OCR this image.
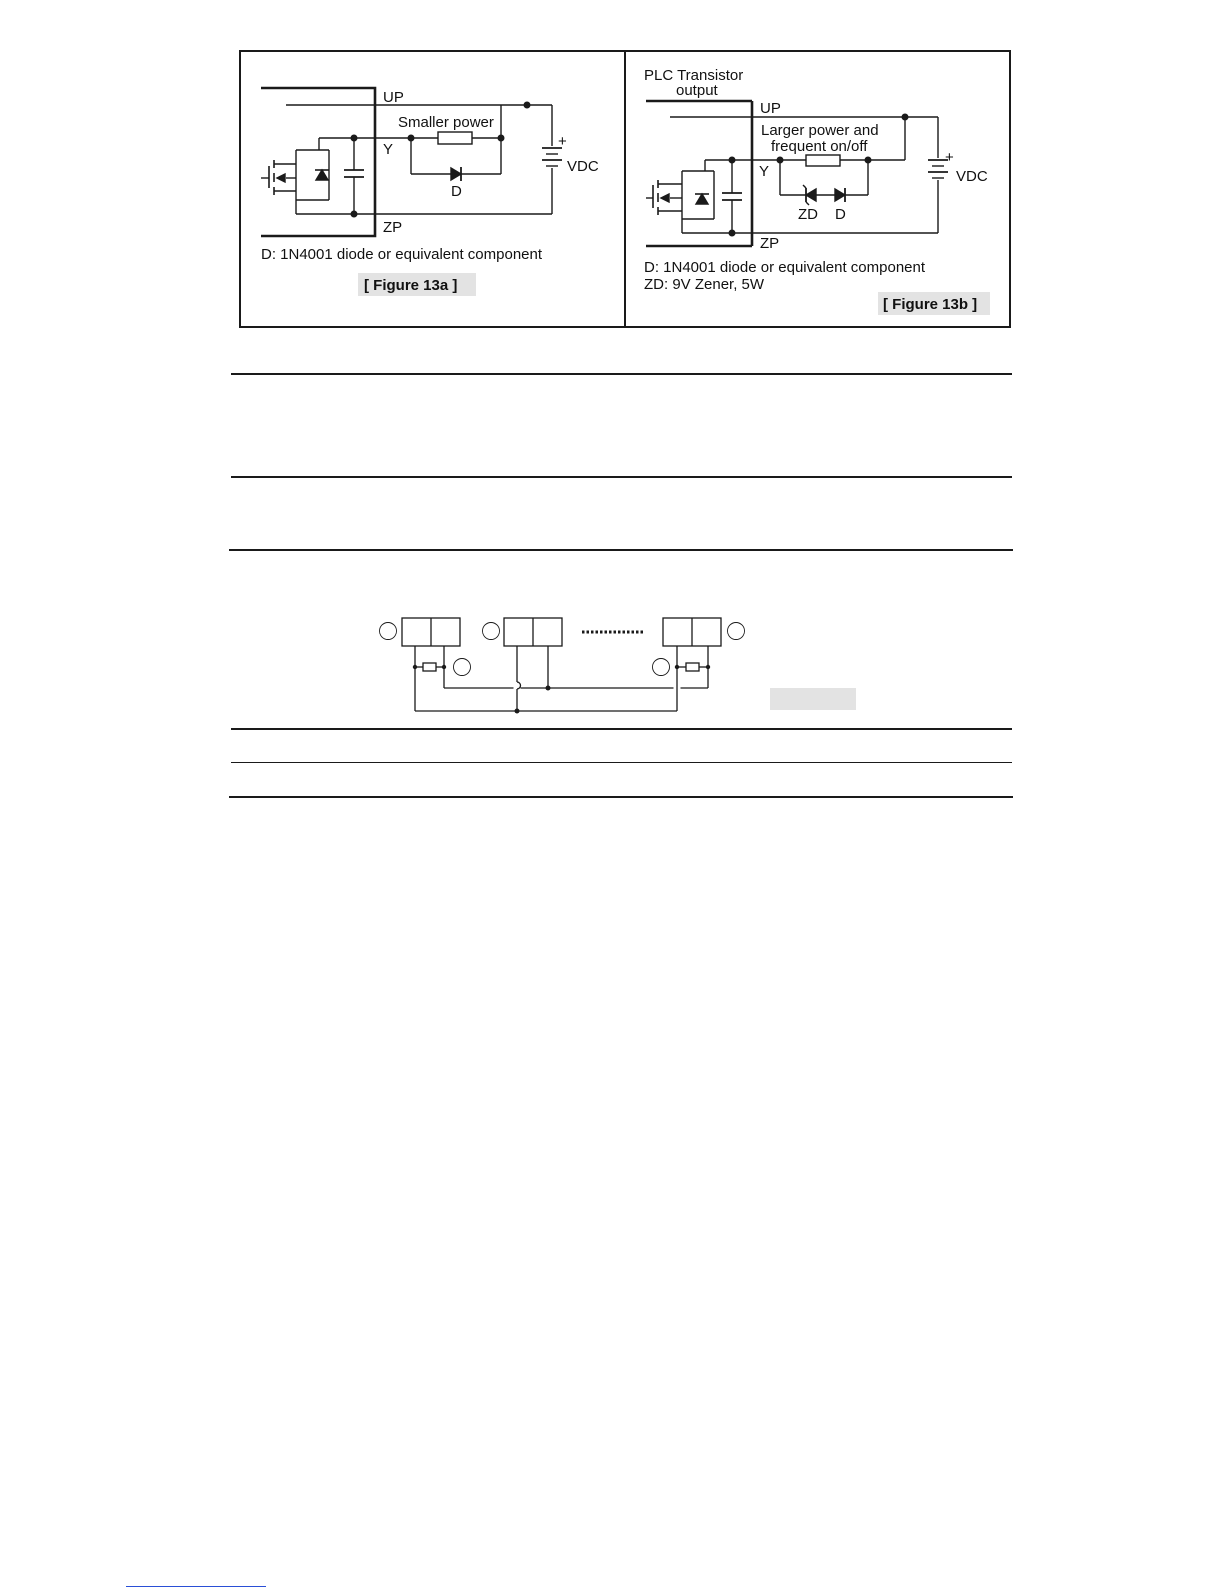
UP
Smaller power
Y	+
VDC
D
ZP
D: 1N4001 diode or equivalent component
[ Figure 13a ]
PLC Transistor
output
UP
Larger power and
frequent on/off
Y
+
VDC
ZD D
ZP
D: 1N4001 diode or equivalent component
ZD: 9V Zener, 5W
[ Figure 13b ]
